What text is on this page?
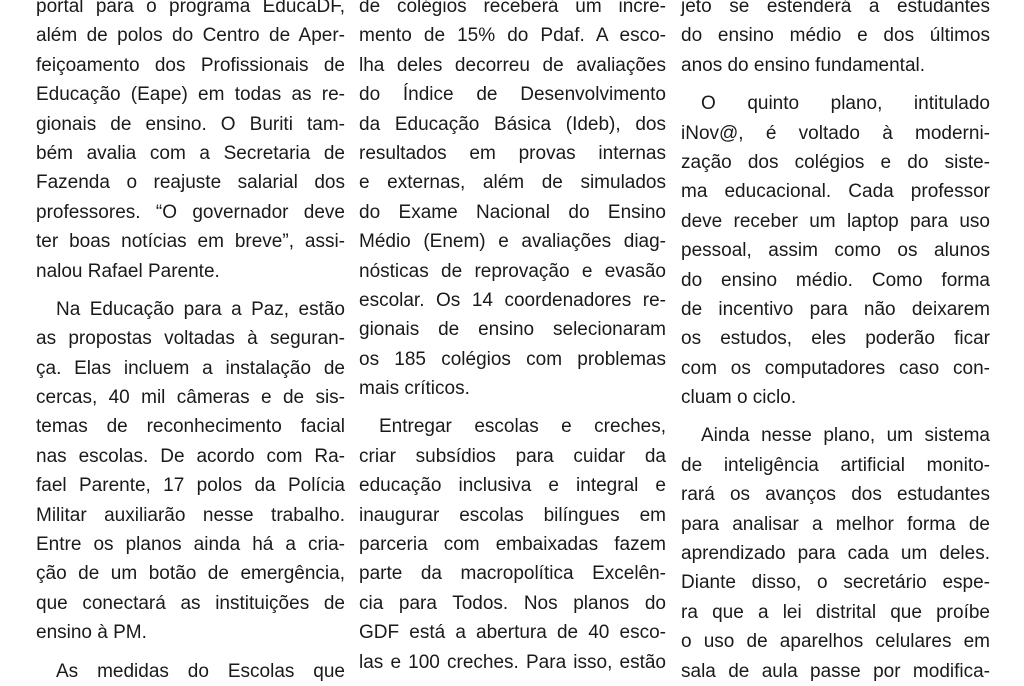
portal para o programa EducaDF,
além de polos do Centro de Aper-
feiçoamento dos Profissionais de
Educação (Eape) em todas as re-
gionais de ensino. O Buriti tam-
bém avalia com a Secretaria de
Fazenda o reajuste salarial dos
professores. “O governador deve
ter boas notícias em breve”, assi-
nalou Rafael Parente.
Na Educação para a Paz, estão
as propostas voltadas à seguran-
ça. Elas incluem a instalação de
cercas, 40 mil câmeras e de sis-
temas de reconhecimento facial
nas escolas. De acordo com Ra-
fael Parente, 17 polos da Polícia
Militar auxiliarão nesse trabalho.
Entre os planos ainda há a cria-
ção de um botão de emergência,
que conectará as instituições de
ensino à PM.
As medidas do Escolas que
de colégios receberá um incre-
mento de 15% do Pdaf. A esco-
lha deles decorreu de avaliações
do Índice de Desenvolvimento
da Educação Básica (Ideb), dos
resultados em provas internas
e externas, além de simulados
do Exame Nacional do Ensino
Médio (Enem) e avaliações diag-
nósticas de reprovação e evasão
escolar. Os 14 coordenadores re-
gionais de ensino selecionaram
os 185 colégios com problemas
mais críticos.
Entregar escolas e creches,
criar subsídios para cuidar da
educação inclusiva e integral e
inaugurar escolas bilíngues em
parceria com embaixadas fazem
parte da macropolítica Excelên-
cia para Todos. Nos planos do
GDF está a abertura de 40 esco-
las e 100 creches. Para isso, estão
jeto se estenderá a estudantes
do ensino médio e dos últimos
anos do ensino fundamental.
O quinto plano, intitulado
iNov@, é voltado à moderni-
zação dos colégios e do siste-
ma educacional. Cada professor
deve receber um laptop para uso
pessoal, assim como os alunos
do ensino médio. Como forma
de incentivo para não deixarem
os estudos, eles poderão ficar
com os computadores caso con-
cluam o ciclo.
Ainda nesse plano, um sistema
de inteligência artificial monito-
rará os avanços dos estudantes
para analisar a melhor forma de
aprendizado para cada um deles.
Diante disso, o secretário espe-
ra que a lei distrital que proíbe
o uso de aparelhos celulares em
sala de aula passe por modifica-
